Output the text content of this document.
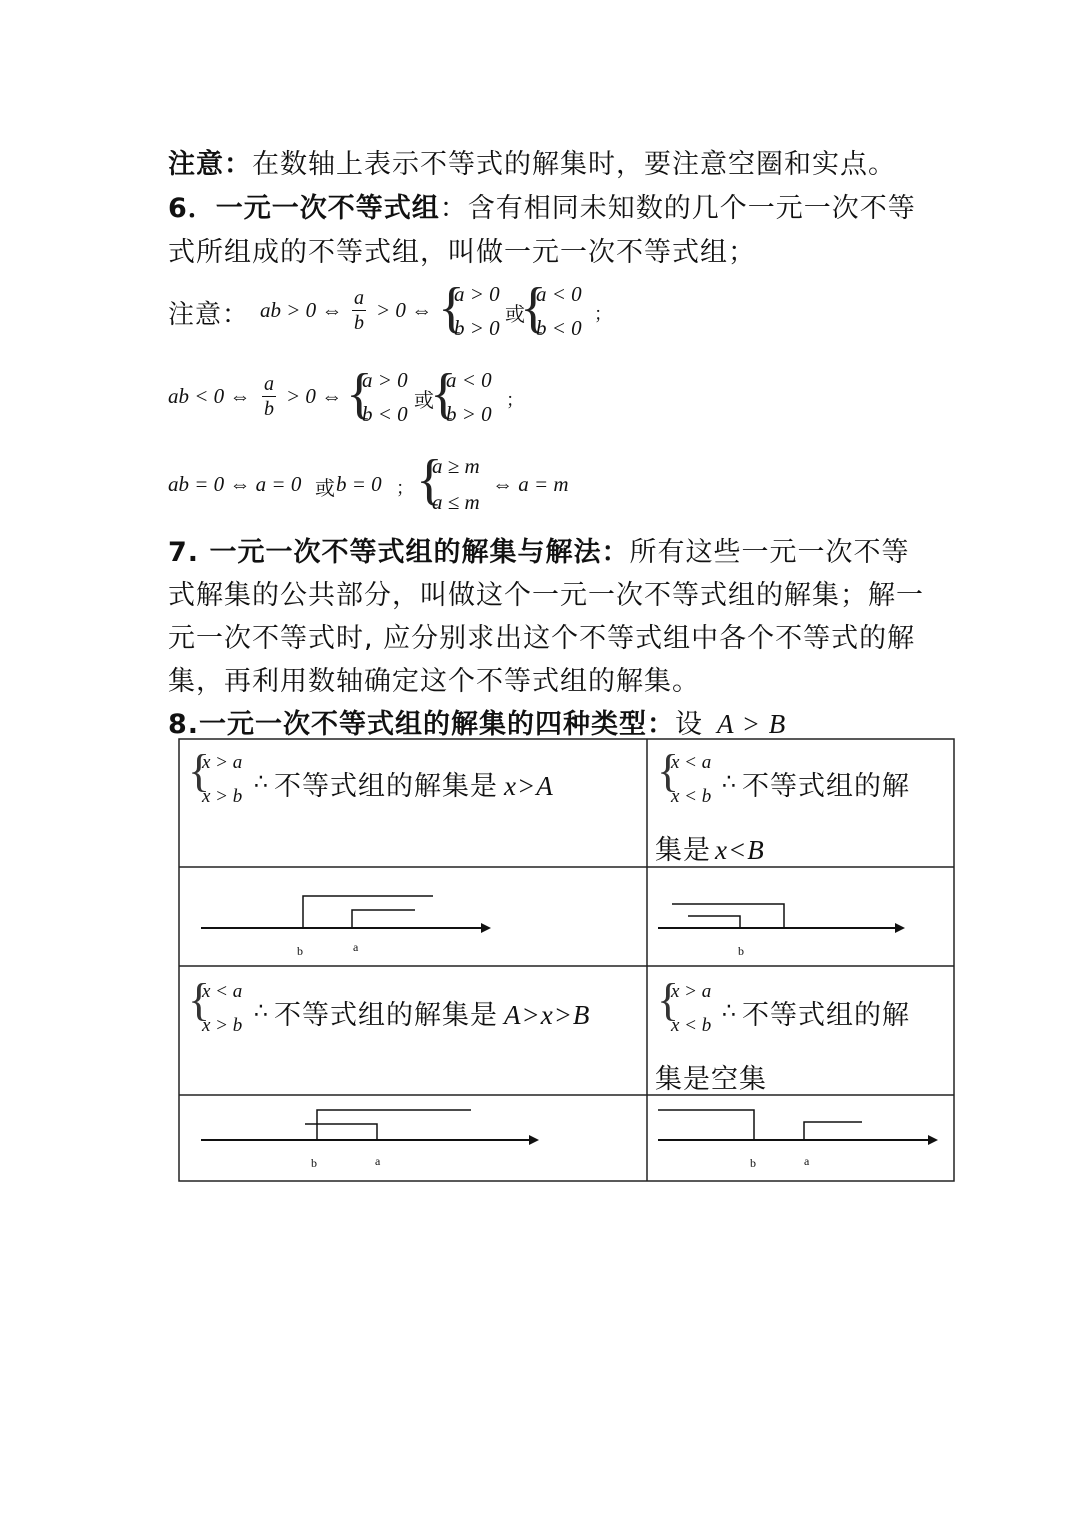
注意：在数轴上表示不等式的解集时，要注意空圈和实点。
6．一元一次不等式组：含有相同未知数的几个一元一次不等
式所组成的不等式组，叫做一元一次不等式组；
注意： ab > 0 ⇔ $\frac{a}{b} > 0$ ⇔ {
a > 0
b > 0
或
{
a < 0
b < 0
；
ab < 0 ⇔ $\frac{a}{b} > 0$ ⇔ {
a > 0
b < 0
或
{
a < 0
b > 0
；
ab = 0 ⇔ a = 0 或 b = 0 ； {
a ≥ m
a ≤ m
⇔ a = m
7. 一元一次不等式组的解集与解法：所有这些一元一次不等
式解集的公共部分，叫做这个一元一次不等式组的解集；解一
元一次不等式时, 应分别求出这个不等式组中各个不等式的解
集，再利用数轴确定这个不等式组的解集。
8.一元一次不等式组的解集的四种类型：设 A > B
{
x > a
x > b
∴ 不等式组的解集是 x>A {
x < a
x < b
∴ 不等式组的解
集是 x<B
b	a	b
{
x < a
x > b
∴ 不等式组的解集是 A>x>B {
x > a
x < b
∴ 不等式组的解
集是空集
b	a	b	a
